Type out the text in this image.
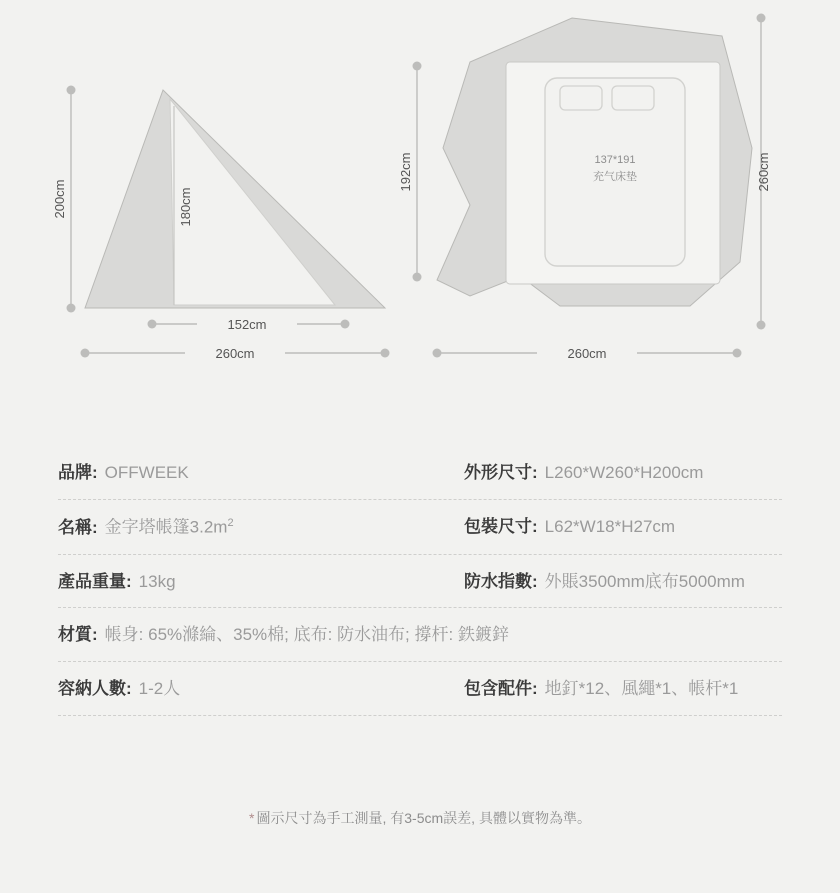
200cm	180cm
152cm
260cm
137*191
充气床垫
192cm	260cm
260cm
品牌: OFFWEEK	外形尺寸: L260*W260*H200cm
名稱: 金字塔帳篷$3.2m^2$	包裝尺寸: L62*W18*H27cm
產品重量: 13kg	防水指數: 外賬3500mm底布5000mm
材質: 帳身: 65%滌綸、35%棉; 底布: 防水油布; 撐杆: 鉄鍍鋅
容納人數: 1-2人	包含配件: 地釘*12、風繩*1、帳杆*1
* 圖示尺寸為手工測量, 有3-5cm誤差, 具體以實物為準。
